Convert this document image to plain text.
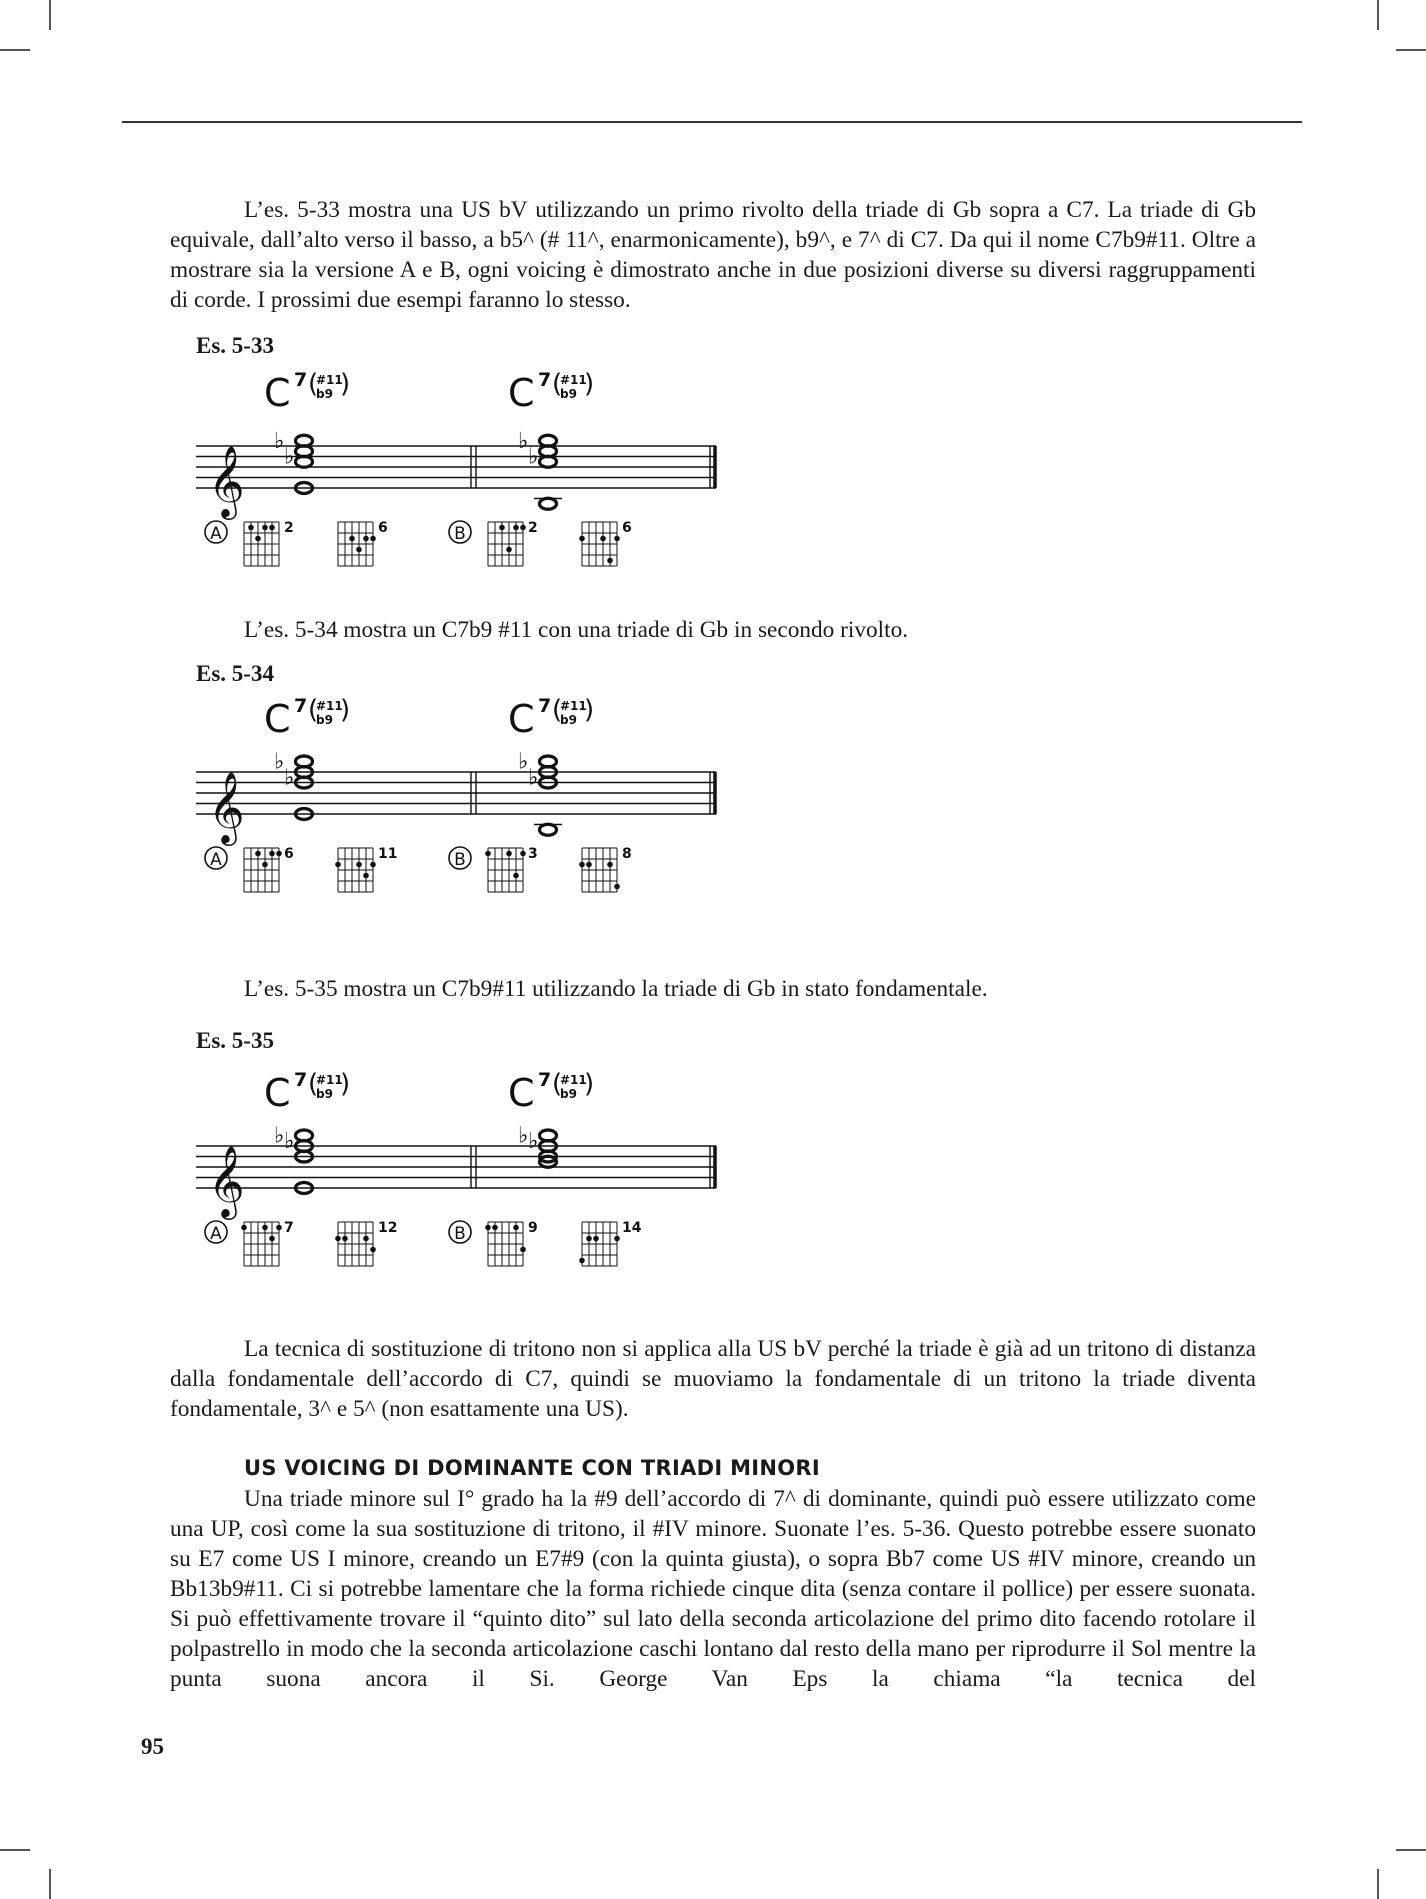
L’es. 5-33 mostra una US bV utilizzando un primo rivolto della triade di Gb sopra a C7. La triade di Gb equivale, dall’alto verso il basso, a b5^ (# 11^, enarmonicamente), b9^, e 7^ di C7. Da qui il nome C7b9#11. Oltre a mostrare sia la versione A e B, ogni voicing è dimostrato anche in due posizioni diverse su diversi raggruppamenti di corde. I prossimi due esempi faranno lo stesso.

Es. 5-33
C 7 (
#11
b9 )	C 7 (
#11
b9 )
𝄞
♭
♭
♭
♭
A	2	6	B	2	6

L’es. 5-34 mostra un C7b9 #11 con una triade di Gb in secondo rivolto.

Es. 5-34
C 7 (
#11
b9 )	C 7 (
#11
b9 )
𝄞
♭
♭
♭
♭
A	6	11	B	3	8

L’es. 5-35 mostra un C7b9#11 utilizzando la triade di Gb in stato fondamentale.

Es. 5-35
C 7 (
#11
b9 )	C 7 (
#11
b9 )
𝄞
♭ ♭	♭ ♭
A	7	12	B	9	14

La tecnica di sostituzione di tritono non si applica alla US bV perché la triade è già ad un tritono di distanza dalla fondamentale dell’accordo di C7, quindi se muoviamo la fondamentale di un tritono la triade diventa fondamentale, 3^ e 5^ (non esattamente una US).

US VOICING DI DOMINANTE CON TRIADI MINORI

Una triade minore sul I° grado ha la #9 dell’accordo di 7^ di dominante, quindi può essere utilizzato come una UP, così come la sua sostituzione di tritono, il #IV minore. Suonate l’es. 5-36. Questo potrebbe essere suonato su E7 come US I minore, creando un E7#9 (con la quinta giusta), o sopra Bb7 come US #IV minore, creando un Bb13b9#11. Ci si potrebbe lamentare che la forma richiede cinque dita (senza contare il pollice) per essere suonata. Si può effettivamente trovare il “quinto dito” sul lato della seconda articolazione del primo dito facendo rotolare il polpastrello in modo che la seconda articolazione caschi lontano dal resto della mano per riprodurre il Sol mentre la punta suona ancora il Si. George Van Eps la chiama “la tecnica del

95
